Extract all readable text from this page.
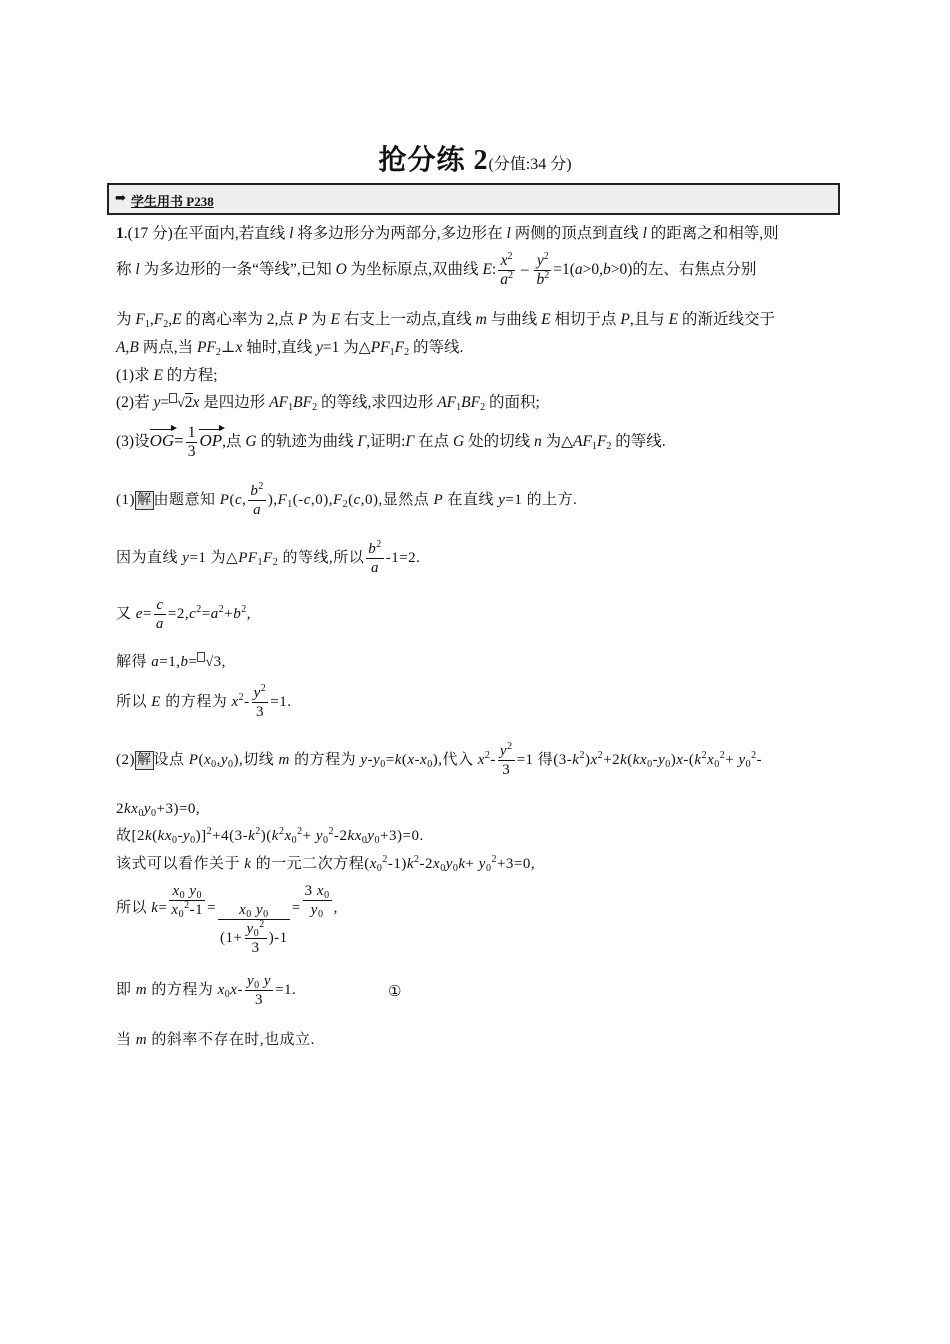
抢分练 2(分值:34 分)
➡ 学生用书 P238
1.(17 分)在平面内,若直线 l 将多边形分为两部分,多边形在 l 两侧的顶点到直线 l 的距离之和相等,则
称 l 为多边形的一条“等线”,已知 O 为坐标原点,双曲线 E: $\frac{x^2}{a^2} - \frac{y^2}{b^2} =1(a>0,b>0)$的左、右焦点分别
为 $F_1,F_2,E$ 的离心率为 2,点 P 为 E 右支上一动点,直线 m 与曲线 E 相切于点 P,且与 E 的渐近线交于
A,B 两点,当 $PF_2\perp x$ 轴时,直线 y=1 为$\triangle PF_1F_2$ 的等线.
(1)求 E 的方程;
(2)若 y= √2x 是四边形 $AF_1BF_2$ 的等线,求四边形 $AF_1BF_2$ 的面积;
(3)设$OG= \frac{1}{3}$ OP,点 G 的轨迹为曲线 Γ,证明:Γ 在点 G 处的切线 n 为$\triangle AF_1F_2$ 的等线.
(1) 解 由题意知 P(c, $\frac{b^2}{a} ),F_1(-c,0),F_2(c,0)$,显然点 P 在直线 y=1 的上方.
因为直线 y=1 为$\triangle PF_1F_2$ 的等线,所以 $\frac{b^2}{a} -1=2$.
又 $e= \frac{c}{a} =2,c^2=a^2+b^2$,
解得 a=1,b= √3,
所以 E 的方程为 $x^2- \frac{y^2}{3} =1$.
(2) 解 设点 $P(x_0,y_0)$,切线 m 的方程为 $y-y_0=k(x-x_0)$,代入 $x^2- \frac{y^2}{3} =1$ 得$(3-k^2)x^2+2k(kx_0-y_0)x-(k^2x_0^2+ y_0^2-$
$2kx_0y_0+3)=0$,
故$[2k(kx_0-y_0)]^2+4(3-k^2)(k^2x_0^2+ y_0^2-2kx_0y_0+3)=0$.
该式可以看作关于 k 的一元二次方程$(x_0^2-1)k^2-2x_0y_0k+ y_0^2+3=0$,
所以 $k= \frac{x_0 y_0}{x_0^2-1} = \frac{x_0 y_0}{(1+ \frac{y_0^2}{3} )-1} = \frac{3 x_0}{y_0}$ ,
即 m 的方程为 $x_0x- \frac{y_0 y}{3} =1$.	①
当 m 的斜率不存在时,也成立.
